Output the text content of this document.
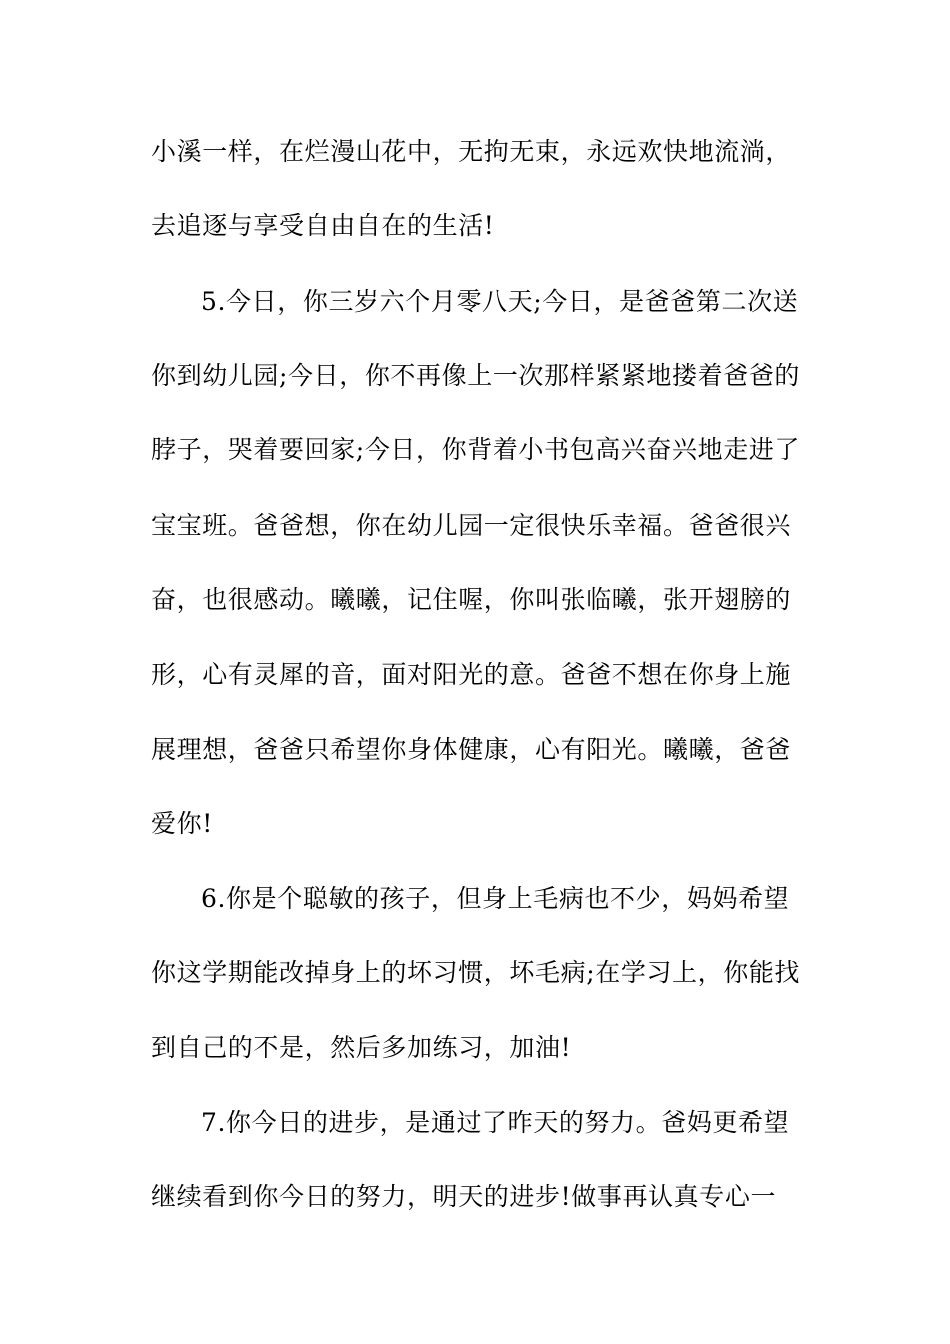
小溪一样，在烂漫山花中，无拘无束，永远欢快地流淌，
去追逐与享受自由自在的生活!
5.今日，你三岁六个月零八天;今日，是爸爸第二次送
你到幼儿园;今日，你不再像上一次那样紧紧地搂着爸爸的
脖子，哭着要回家;今日，你背着小书包高兴奋兴地走进了
宝宝班。爸爸想，你在幼儿园一定很快乐幸福。爸爸很兴
奋，也很感动。曦曦，记住喔，你叫张临曦，张开翅膀的
形，心有灵犀的音，面对阳光的意。爸爸不想在你身上施
展理想，爸爸只希望你身体健康，心有阳光。曦曦，爸爸
爱你!
6.你是个聪敏的孩子，但身上毛病也不少，妈妈希望
你这学期能改掉身上的坏习惯，坏毛病;在学习上，你能找
到自己的不是，然后多加练习，加油!
7.你今日的进步，是通过了昨天的努力。爸妈更希望
继续看到你今日的努力，明天的进步!做事再认真专心一
